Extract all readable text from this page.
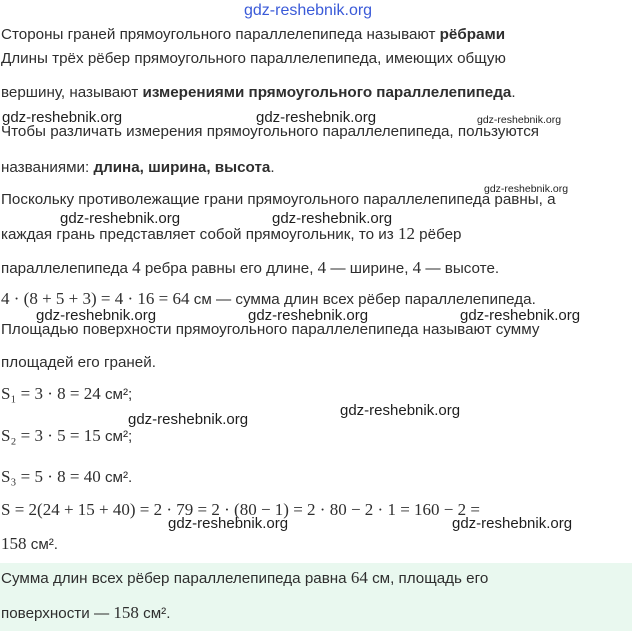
gdz-reshebnik.org
Стороны граней прямоугольного параллелепипеда называют рёбрами
Длины трёх рёбер прямоугольного параллелепипеда, имеющих общую
вершину, называют измерениями прямоугольного параллелепипеда.
Чтобы различать измерения прямоугольного параллелепипеда, пользуются
названиями: длина, ширина, высота.
Поскольку противолежащие грани прямоугольного параллелепипеда равны, а
каждая грань представляет собой прямоугольник, то из 12 рёбер
параллелепипеда 4 ребра равны его длине, 4 — ширине, 4 — высоте.
4 · (8 + 5 + 3) = 4 · 16 = 64 см — сумма длин всех рёбер параллелепипеда.
Площадью поверхности прямоугольного параллелепипеда называют сумму
площадей его граней.
S₁ = 3 · 8 = 24 см²;
S₂ = 3 · 5 = 15 см²;
S₃ = 5 · 8 = 40 см².
S = 2(24 + 15 + 40) = 2 · 79 = 2 · (80 − 1) = 2 · 80 − 2 · 1 = 160 − 2 =
158 см².
Сумма длин всех рёбер параллелепипеда равна 64 см, площадь его
поверхности — 158 см².
gdz-reshebnik.org	gdz-reshebnik.org	gdz-reshebnik.org
gdz-reshebnik.org
gdz-reshebnik.org	gdz-reshebnik.org
gdz-reshebnik.org	gdz-reshebnik.org	gdz-reshebnik.org
gdz-reshebnik.org
gdz-reshebnik.org
gdz-reshebnik.org	gdz-reshebnik.org
